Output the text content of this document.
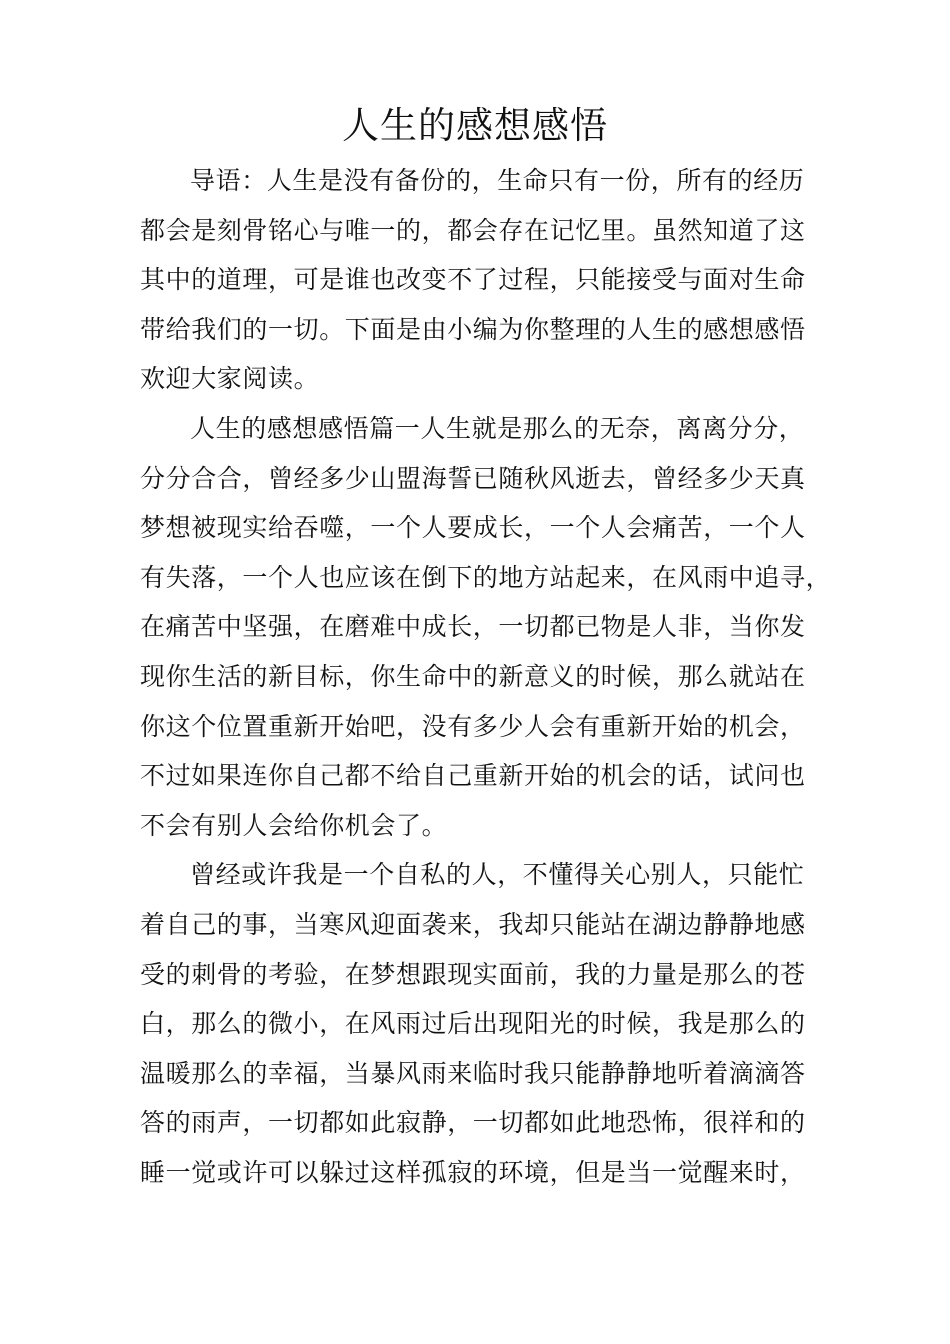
人生的感想感悟
导语：人生是没有备份的，生命只有一份，所有的经历
都会是刻骨铭心与唯一的，都会存在记忆里。虽然知道了这
其中的道理，可是谁也改变不了过程，只能接受与面对生命
带给我们的一切。下面是由小编为你整理的人生的感想感悟
欢迎大家阅读。
人生的感想感悟篇一人生就是那么的无奈，离离分分，
分分合合，曾经多少山盟海誓已随秋风逝去，曾经多少天真
梦想被现实给吞噬，一个人要成长，一个人会痛苦，一个人
有失落，一个人也应该在倒下的地方站起来，在风雨中追寻，
在痛苦中坚强，在磨难中成长，一切都已物是人非，当你发
现你生活的新目标，你生命中的新意义的时候，那么就站在
你这个位置重新开始吧，没有多少人会有重新开始的机会，
不过如果连你自己都不给自己重新开始的机会的话，试问也
不会有别人会给你机会了。
曾经或许我是一个自私的人，不懂得关心别人，只能忙
着自己的事，当寒风迎面袭来，我却只能站在湖边静静地感
受的刺骨的考验，在梦想跟现实面前，我的力量是那么的苍
白，那么的微小，在风雨过后出现阳光的时候，我是那么的
温暖那么的幸福，当暴风雨来临时我只能静静地听着滴滴答
答的雨声，一切都如此寂静，一切都如此地恐怖，很祥和的
睡一觉或许可以躲过这样孤寂的环境，但是当一觉醒来时，
